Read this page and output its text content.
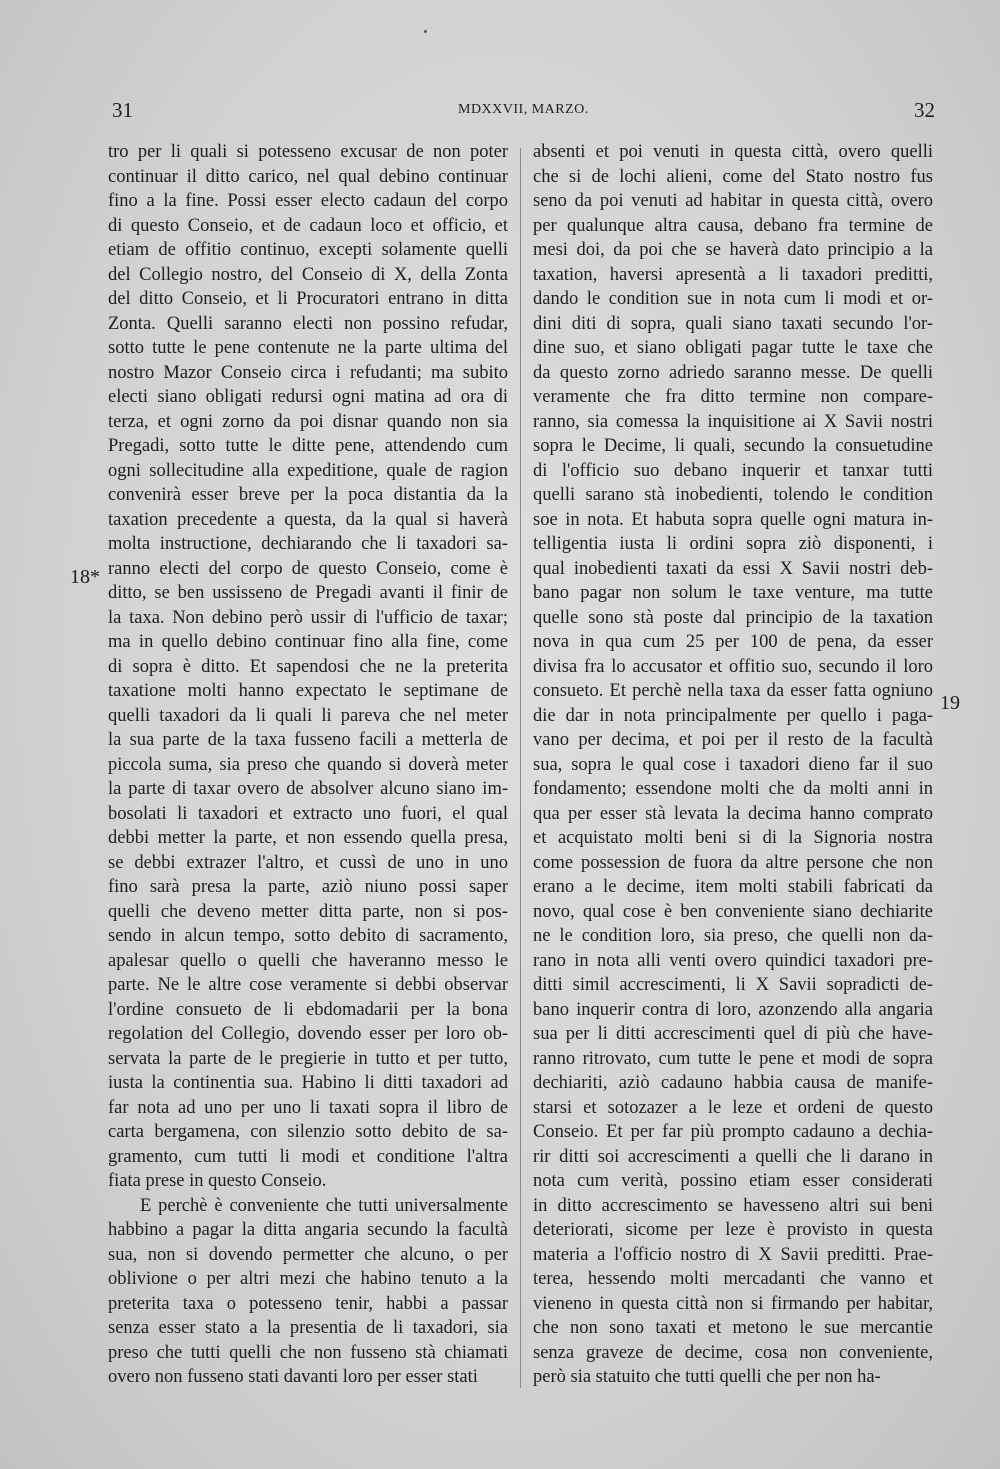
31	MDXXVII, MARZO.	32
18*
19
tro per li quali si potesseno excusar de non poter
continuar il ditto carico, nel qual debino continuar
fino a la fine. Possi esser electo cadaun del corpo
di questo Conseio, et de cadaun loco et officio, et
etiam de offitio continuo, excepti solamente quelli
del Collegio nostro, del Conseio di X, della Zonta
del ditto Conseio, et li Procuratori entrano in ditta
Zonta. Quelli saranno electi non possino refudar,
sotto tutte le pene contenute ne la parte ultima del
nostro Mazor Conseio circa i refudanti; ma subito
electi siano obligati redursi ogni matina ad ora di
terza, et ogni zorno da poi disnar quando non sia
Pregadi, sotto tutte le ditte pene, attendendo cum
ogni sollecitudine alla expeditione, quale de ragion
convenirà esser breve per la poca distantia da la
taxation precedente a questa, da la qual si haverà
molta instructione, dechiarando che li taxadori sa-
ranno electi del corpo de questo Conseio, come è
ditto, se ben ussisseno de Pregadi avanti il finir de
la taxa. Non debino però ussir di l'ufficio de taxar;
ma in quello debino continuar fino alla fine, come
di sopra è ditto. Et sapendosi che ne la preterita
taxatione molti hanno expectato le septimane de
quelli taxadori da li quali li pareva che nel meter
la sua parte de la taxa fusseno facili a metterla de
piccola suma, sia preso che quando si doverà meter
la parte di taxar overo de absolver alcuno siano im-
bosolati li taxadori et extracto uno fuori, el qual
debbi metter la parte, et non essendo quella presa,
se debbi extrazer l'altro, et cussì de uno in uno
fino sarà presa la parte, aziò niuno possi saper
quelli che deveno metter ditta parte, non si pos-
sendo in alcun tempo, sotto debito di sacramento,
apalesar quello o quelli che haveranno messo le
parte. Ne le altre cose veramente si debbi observar
l'ordine consueto de li ebdomadarii per la bona
regolation del Collegio, dovendo esser per loro ob-
servata la parte de le pregierie in tutto et per tutto,
iusta la continentia sua. Habino li ditti taxadori ad
far nota ad uno per uno li taxati sopra il libro de
carta bergamena, con silenzio sotto debito de sa-
gramento, cum tutti li modi et conditione l'altra
fiata prese in questo Conseio.
E perchè è conveniente che tutti universalmente
habbino a pagar la ditta angaria secundo la facultà
sua, non si dovendo permetter che alcuno, o per
oblivione o per altri mezi che habino tenuto a la
preterita taxa o potesseno tenir, habbi a passar
senza esser stato a la presentia de li taxadori, sia
preso che tutti quelli che non fusseno stà chiamati
overo non fusseno stati davanti loro per esser stati
absenti et poi venuti in questa città, overo quelli
che si de lochi alieni, come del Stato nostro fus
seno da poi venuti ad habitar in questa città, overo
per qualunque altra causa, debano fra termine de
mesi doi, da poi che se haverà dato principio a la
taxation, haversi apresentà a li taxadori preditti,
dando le condition sue in nota cum li modi et or-
dini diti di sopra, quali siano taxati secundo l'or-
dine suo, et siano obligati pagar tutte le taxe che
da questo zorno adriedo saranno messe. De quelli
veramente che fra ditto termine non compare-
ranno, sia comessa la inquisitione ai X Savii nostri
sopra le Decime, li quali, secundo la consuetudine
di l'officio suo debano inquerir et tanxar tutti
quelli sarano stà inobedienti, tolendo le condition
soe in nota. Et habuta sopra quelle ogni matura in-
telligentia iusta li ordini sopra ziò disponenti, i
qual inobedienti taxati da essi X Savii nostri deb-
bano pagar non solum le taxe venture, ma tutte
quelle sono stà poste dal principio de la taxation
nova in qua cum 25 per 100 de pena, da esser
divisa fra lo accusator et offitio suo, secundo il loro
consueto. Et perchè nella taxa da esser fatta ogniuno
die dar in nota principalmente per quello i paga-
vano per decima, et poi per il resto de la facultà
sua, sopra le qual cose i taxadori dieno far il suo
fondamento; essendone molti che da molti anni in
qua per esser stà levata la decima hanno comprato
et acquistato molti beni si di la Signoria nostra
come possession de fuora da altre persone che non
erano a le decime, item molti stabili fabricati da
novo, qual cose è ben conveniente siano dechiarite
ne le condition loro, sia preso, che quelli non da-
rano in nota alli venti overo quindici taxadori pre-
ditti simil accrescimenti, li X Savii sopradicti de-
bano inquerir contra di loro, azonzendo alla angaria
sua per li ditti accrescimenti quel di più che have-
ranno ritrovato, cum tutte le pene et modi de sopra
dechiariti, aziò cadauno habbia causa de manife-
starsi et sotozazer a le leze et ordeni de questo
Conseio. Et per far più prompto cadauno a dechia-
rir ditti soi accrescimenti a quelli che li darano in
nota cum verità, possino etiam esser considerati
in ditto accrescimento se havesseno altri sui beni
deteriorati, sicome per leze è provisto in questa
materia a l'officio nostro di X Savii preditti. Prae-
terea, hessendo molti mercadanti che vanno et
vieneno in questa città non si firmando per habitar,
che non sono taxati et metono le sue mercantie
senza graveze de decime, cosa non conveniente,
però sia statuito che tutti quelli che per non ha-
